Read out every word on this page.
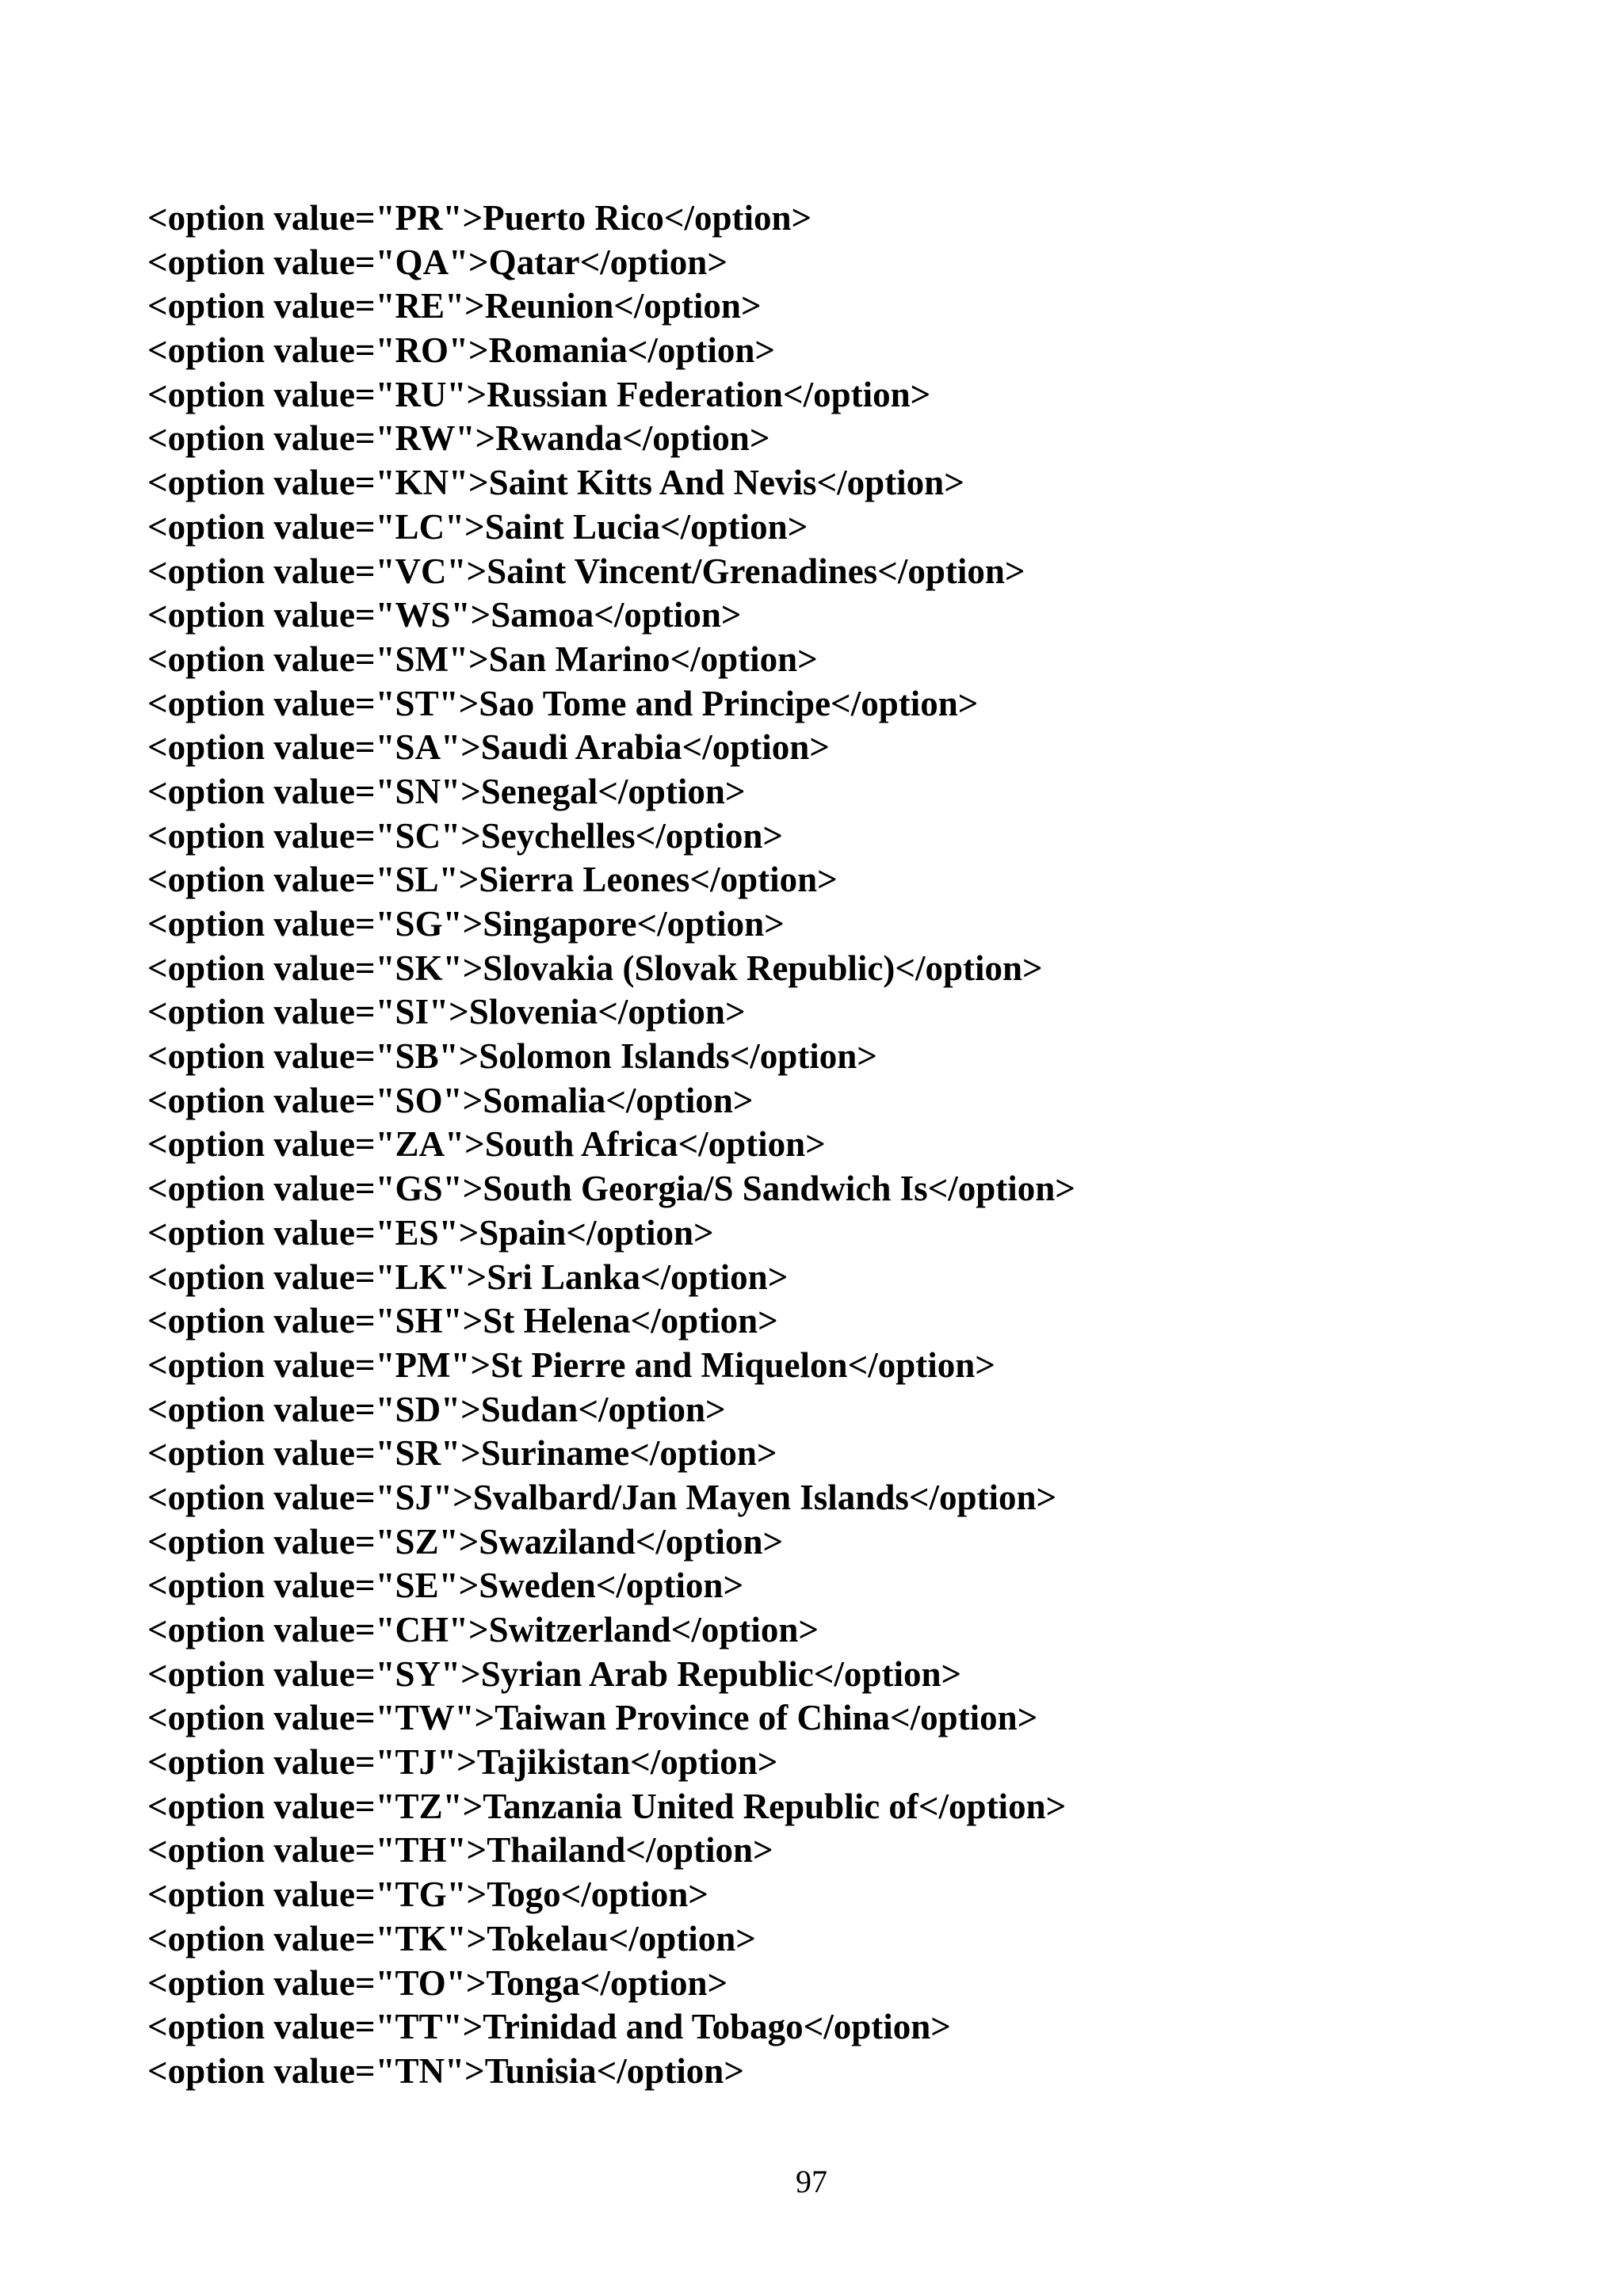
<option value="PR">Puerto Rico</option>
<option value="QA">Qatar</option>
<option value="RE">Reunion</option>
<option value="RO">Romania</option>
<option value="RU">Russian Federation</option>
<option value="RW">Rwanda</option>
<option value="KN">Saint Kitts And Nevis</option>
<option value="LC">Saint Lucia</option>
<option value="VC">Saint Vincent/Grenadines</option>
<option value="WS">Samoa</option>
<option value="SM">San Marino</option>
<option value="ST">Sao Tome and Principe</option>
<option value="SA">Saudi Arabia</option>
<option value="SN">Senegal</option>
<option value="SC">Seychelles</option>
<option value="SL">Sierra Leones</option>
<option value="SG">Singapore</option>
<option value="SK">Slovakia (Slovak Republic)</option>
<option value="SI">Slovenia</option>
<option value="SB">Solomon Islands</option>
<option value="SO">Somalia</option>
<option value="ZA">South Africa</option>
<option value="GS">South Georgia/S Sandwich Is</option>
<option value="ES">Spain</option>
<option value="LK">Sri Lanka</option>
<option value="SH">St Helena</option>
<option value="PM">St Pierre and Miquelon</option>
<option value="SD">Sudan</option>
<option value="SR">Suriname</option>
<option value="SJ">Svalbard/Jan Mayen Islands</option>
<option value="SZ">Swaziland</option>
<option value="SE">Sweden</option>
<option value="CH">Switzerland</option>
<option value="SY">Syrian Arab Republic</option>
<option value="TW">Taiwan Province of China</option>
<option value="TJ">Tajikistan</option>
<option value="TZ">Tanzania United Republic of</option>
<option value="TH">Thailand</option>
<option value="TG">Togo</option>
<option value="TK">Tokelau</option>
<option value="TO">Tonga</option>
<option value="TT">Trinidad and Tobago</option>
<option value="TN">Tunisia</option>
97
